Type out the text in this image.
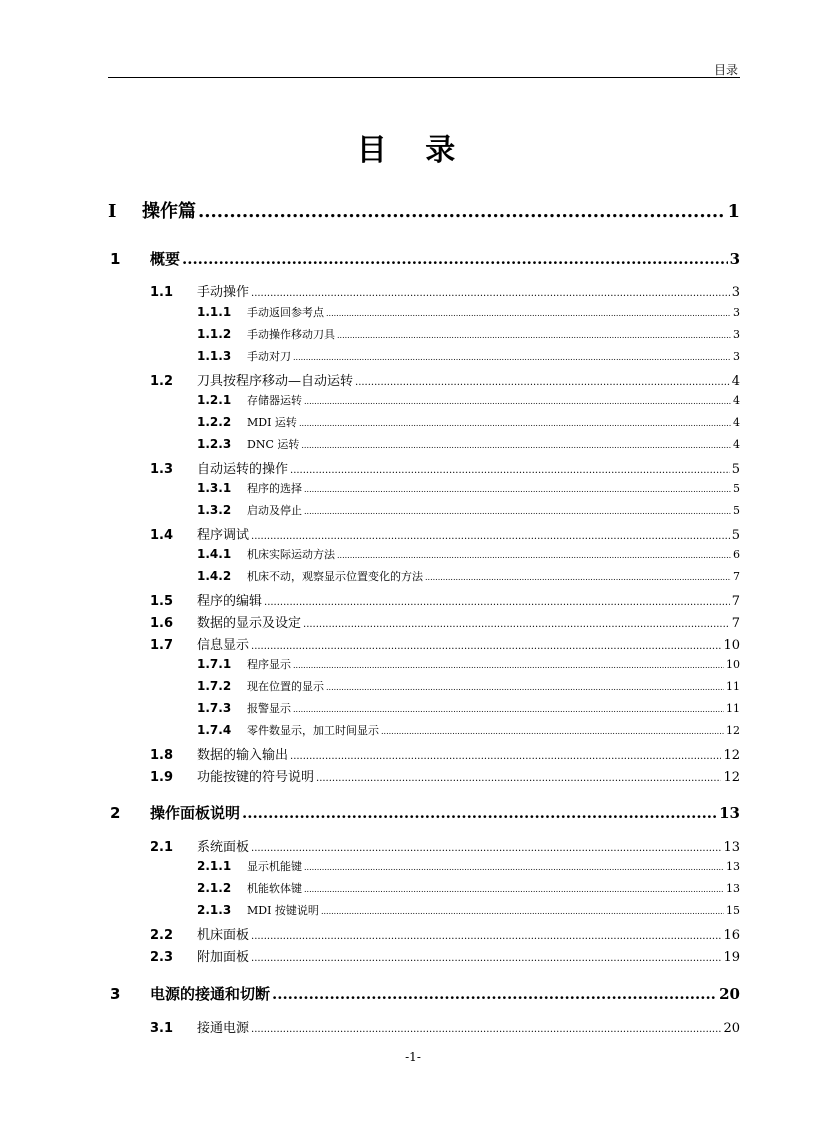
目录
目 录
I	操作篇 .....	1
1	概要 .....	3
1.1	手动操作 .....	3
1.1.1	手动返回参考点 .....	3
1.1.2	手动操作移动刀具 .....	3
1.1.3	手动对刀 .....	3
1.2	刀具按程序移动—自动运转 .....	4
1.2.1	存储器运转 .....	4
1.2.2	MDI 运转 .....	4
1.2.3	DNC 运转 .....	4
1.3	自动运转的操作 .....	5
1.3.1	程序的选择 .....	5
1.3.2	启动及停止 .....	5
1.4	程序调试 .....	5
1.4.1	机床实际运动方法 .....	6
1.4.2	机床不动，观察显示位置变化的方法 .....	7
1.5	程序的编辑 .....	7
1.6	数据的显示及设定 .....	7
1.7	信息显示 .....	10
1.7.1	程序显示 .....	10
1.7.2	现在位置的显示 .....	11
1.7.3	报警显示 .....	11
1.7.4	零件数显示，加工时间显示 .....	12
1.8	数据的输入输出 .....	12
1.9	功能按键的符号说明 .....	12
2	操作面板说明 .....	13
2.1	系统面板 .....	13
2.1.1	显示机能键 .....	13
2.1.2	机能软体键 .....	13
2.1.3	MDI 按键说明 .....	15
2.2	机床面板 .....	16
2.3	附加面板 .....	19
3	电源的接通和切断 .....	20
3.1	接通电源 .....	20
-1-
